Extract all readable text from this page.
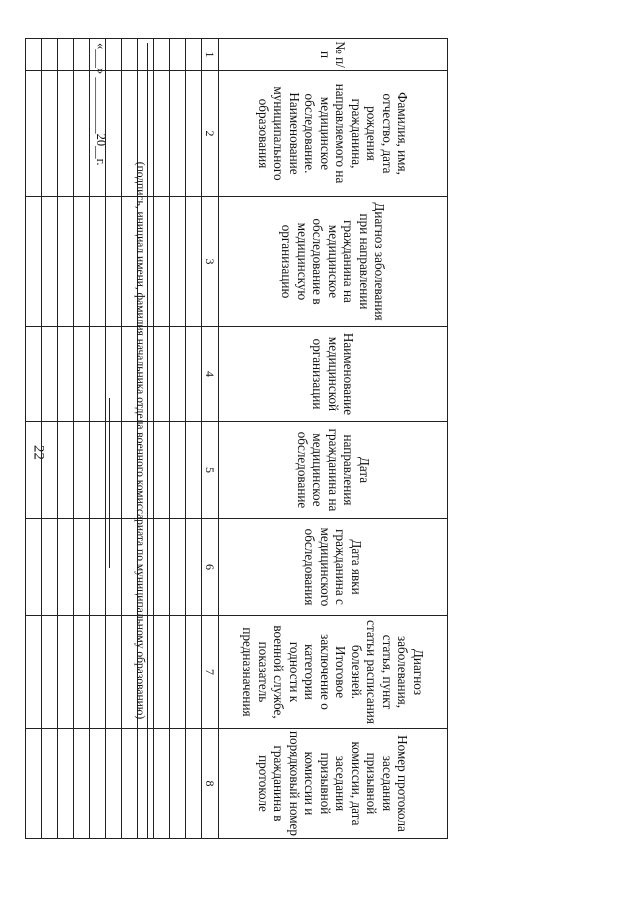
22
№ п/п	Фамилия, имя, отчество, дата рождения гражданина, направляемого на медицинское обследование. Наименование муниципального образования	Диагноз заболевания при направлении гражданина на медицинское обследование в медицинскую организацию	Наименование медицинской организации	Дата направления гражданина на медицинское обследование	Дата явки гражданина с медицинского обследования	Диагноз заболевания, статья, пункт статьи расписания болезней. Итоговое заключение о категории годности к военной службе, показатель предназначения	Номер протокола заседания призывной комиссии, дата заседания призывной комиссии и порядковый номер гражданина в протоколе
1	2	3	4	5	6	7	8

(подпись, инициал имени, фамилия начальника отдела военного комиссариата по муниципальному образованию)
«___» _________20__г.
